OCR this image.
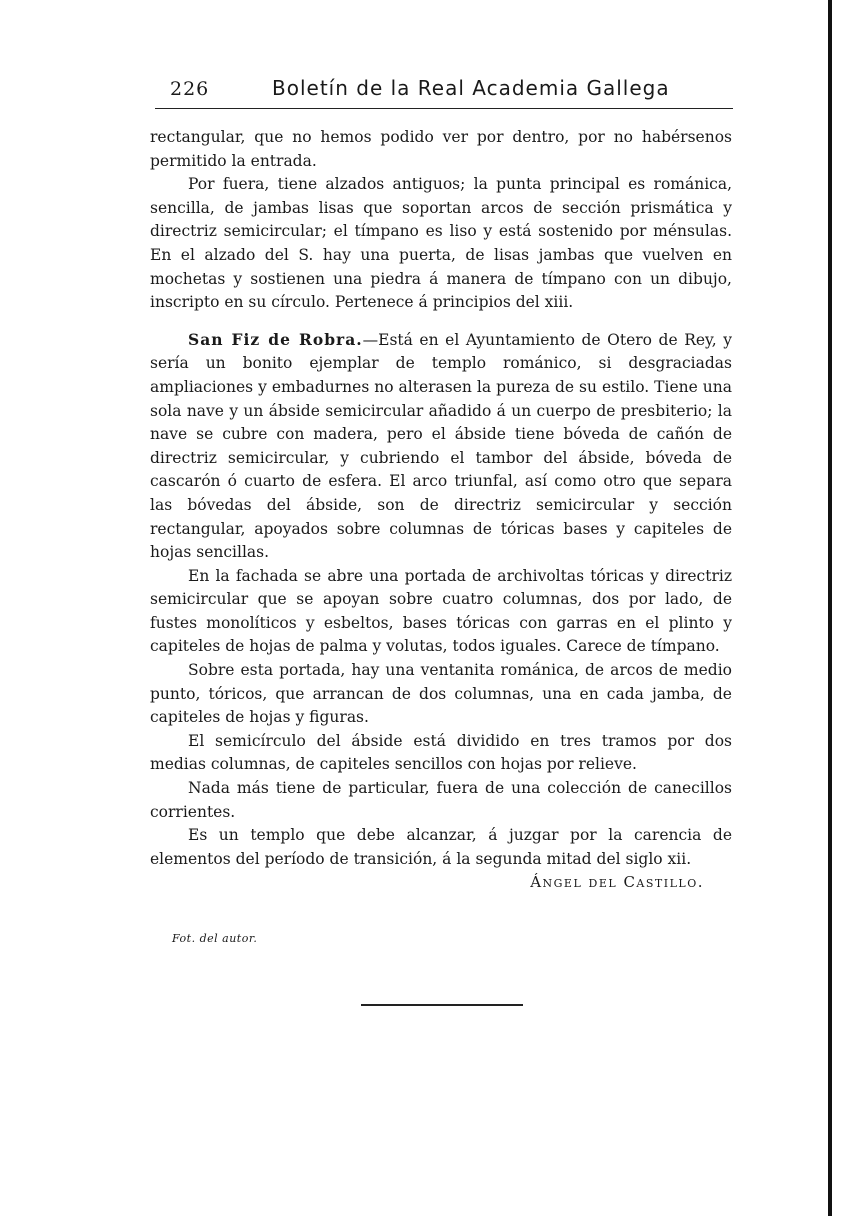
226	Boletín de la Real Academia Gallega

rectangular, que no hemos podido ver por dentro, por no habérsenos permitido la entrada.

Por fuera, tiene alzados antiguos; la punta principal es románica, sencilla, de jambas lisas que soportan arcos de sección prismática y directriz semicircular; el tímpano es liso y está sostenido por ménsulas. En el alzado del S. hay una puerta, de lisas jambas que vuelven en mochetas y sostienen una piedra á manera de tímpano con un dibujo, inscripto en su círculo. Pertenece á principios del xiii.

San Fiz de Robra.—Está en el Ayuntamiento de Otero de Rey, y sería un bonito ejemplar de templo románico, si desgraciadas ampliaciones y embadurnes no alterasen la pureza de su estilo. Tiene una sola nave y un ábside semicircular añadido á un cuerpo de presbiterio; la nave se cubre con madera, pero el ábside tiene bóveda de cañón de directriz semicircular, y cubriendo el tambor del ábside, bóveda de cascarón ó cuarto de esfera. El arco triunfal, así como otro que separa las bóvedas del ábside, son de directriz semicircular y sección rectangular, apoyados sobre columnas de tóricas bases y capiteles de hojas sencillas.

En la fachada se abre una portada de archivoltas tóricas y directriz semicircular que se apoyan sobre cuatro columnas, dos por lado, de fustes monolíticos y esbeltos, bases tóricas con garras en el plinto y capiteles de hojas de palma y volutas, todos iguales. Carece de tímpano.

Sobre esta portada, hay una ventanita románica, de arcos de medio punto, tóricos, que arrancan de dos columnas, una en cada jamba, de capiteles de hojas y figuras.

El semicírculo del ábside está dividido en tres tramos por dos medias columnas, de capiteles sencillos con hojas por relieve.

Nada más tiene de particular, fuera de una colección de canecillos corrientes.

Es un templo que debe alcanzar, á juzgar por la carencia de elementos del período de transición, á la segunda mitad del siglo xii.

Ángel del Castillo.
Fot. del autor.
